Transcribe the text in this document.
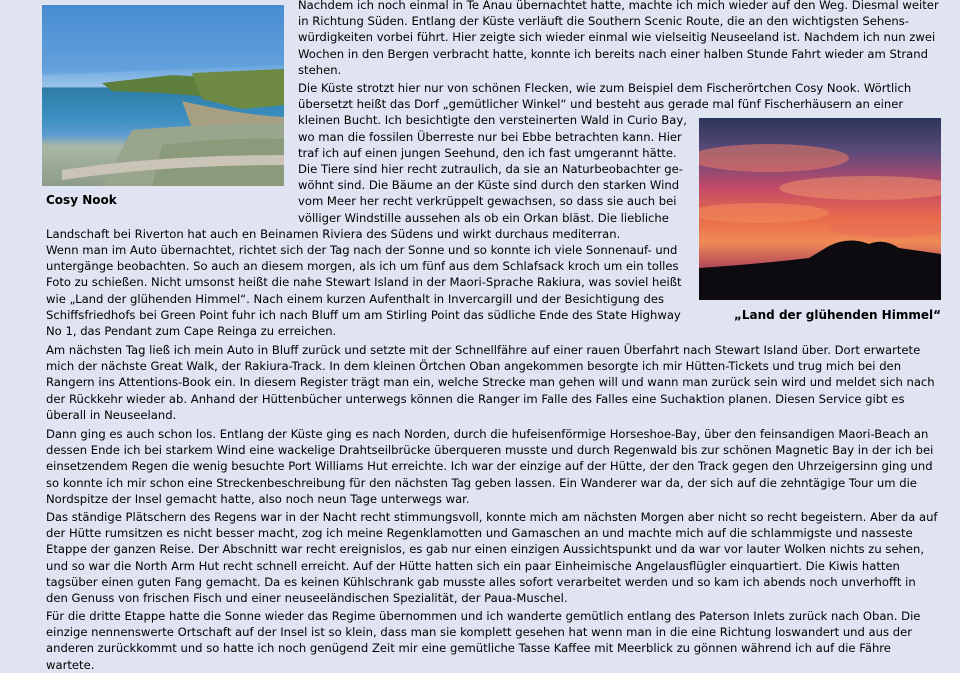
Cosy Nook
„Land der glühenden Himmel“
Nachdem ich noch einmal in Te Anau übernachtet hatte, machte ich mich wieder auf den Weg. Diesmal weiter
in Richtung Süden. Entlang der Küste verläuft die Southern Scenic Route, die an den wichtigsten Sehens-
würdigkeiten vorbei führt. Hier zeigte sich wieder einmal wie vielseitig Neuseeland ist. Nachdem ich nun zwei
Wochen in den Bergen verbracht hatte, konnte ich bereits nach einer halben Stunde Fahrt wieder am Strand
stehen.
Die Küste strotzt hier nur von schönen Flecken, wie zum Beispiel dem Fischerörtchen Cosy Nook. Wörtlich
übersetzt heißt das Dorf „gemütlicher Winkel“ und besteht aus gerade mal fünf Fischerhäusern an einer
kleinen Bucht. Ich besichtigte den versteinerten Wald in Curio Bay,
wo man die fossilen Überreste nur bei Ebbe betrachten kann. Hier
traf ich auf einen jungen Seehund, den ich fast umgerannt hätte.
Die Tiere sind hier recht zutraulich, da sie an Naturbeobachter ge-
wöhnt sind. Die Bäume an der Küste sind durch den starken Wind
vom Meer her recht verkrüppelt gewachsen, so dass sie auch bei
völliger Windstille aussehen als ob ein Orkan bläst. Die liebliche
Landschaft bei Riverton hat auch en Beinamen Riviera des Südens und wirkt durchaus mediterran.
Wenn man im Auto übernachtet, richtet sich der Tag nach der Sonne und so konnte ich viele Sonnenauf- und
untergänge beobachten. So auch an diesem morgen, als ich um fünf aus dem Schlafsack kroch um ein tolles
Foto zu schießen. Nicht umsonst heißt die nahe Stewart Island in der Maori-Sprache Rakiura, was soviel heißt
wie „Land der glühenden Himmel“. Nach einem kurzen Aufenthalt in Invercargill und der Besichtigung des
Schiffsfriedhofs bei Green Point fuhr ich nach Bluff um am Stirling Point das südliche Ende des State Highway
No 1, das Pendant zum Cape Reinga zu erreichen.
Am nächsten Tag ließ ich mein Auto in Bluff zurück und setzte mit der Schnellfähre auf einer rauen Überfahrt nach Stewart Island über. Dort erwartete
mich der nächste Great Walk, der Rakiura-Track. In dem kleinen Örtchen Oban angekommen besorgte ich mir Hütten-Tickets und trug mich bei den
Rangern ins Attentions-Book ein. In diesem Register trägt man ein, welche Strecke man gehen will und wann man zurück sein wird und meldet sich nach
der Rückkehr wieder ab. Anhand der Hüttenbücher unterwegs können die Ranger im Falle des Falles eine Suchaktion planen. Diesen Service gibt es
überall in Neuseeland.
Dann ging es auch schon los. Entlang der Küste ging es nach Norden, durch die hufeisenförmige Horseshoe-Bay, über den feinsandigen Maori-Beach an
dessen Ende ich bei starkem Wind eine wackelige Drahtseilbrücke überqueren musste und durch Regenwald bis zur schönen Magnetic Bay in der ich bei
einsetzendem Regen die wenig besuchte Port Williams Hut erreichte. Ich war der einzige auf der Hütte, der den Track gegen den Uhrzeigersinn ging und
so konnte ich mir schon eine Streckenbeschreibung für den nächsten Tag geben lassen. Ein Wanderer war da, der sich auf die zehntägige Tour um die
Nordspitze der Insel gemacht hatte, also noch neun Tage unterwegs war.
Das ständige Plätschern des Regens war in der Nacht recht stimmungsvoll, konnte mich am nächsten Morgen aber nicht so recht begeistern. Aber da auf
der Hütte rumsitzen es nicht besser macht, zog ich meine Regenklamotten und Gamaschen an und machte mich auf die schlammigste und nasseste
Etappe der ganzen Reise. Der Abschnitt war recht ereignislos, es gab nur einen einzigen Aussichtspunkt und da war vor lauter Wolken nichts zu sehen,
und so war die North Arm Hut recht schnell erreicht. Auf der Hütte hatten sich ein paar Einheimische Angelausflügler einquartiert. Die Kiwis hatten
tagsüber einen guten Fang gemacht. Da es keinen Kühlschrank gab musste alles sofort verarbeitet werden und so kam ich abends noch unverhofft in
den Genuss von frischen Fisch und einer neuseeländischen Spezialität, der Paua-Muschel.
Für die dritte Etappe hatte die Sonne wieder das Regime übernommen und ich wanderte gemütlich entlang des Paterson Inlets zurück nach Oban. Die
einzige nennenswerte Ortschaft auf der Insel ist so klein, dass man sie komplett gesehen hat wenn man in die eine Richtung loswandert und aus der
anderen zurückkommt und so hatte ich noch genügend Zeit mir eine gemütliche Tasse Kaffee mit Meerblick zu gönnen während ich auf die Fähre
wartete.
